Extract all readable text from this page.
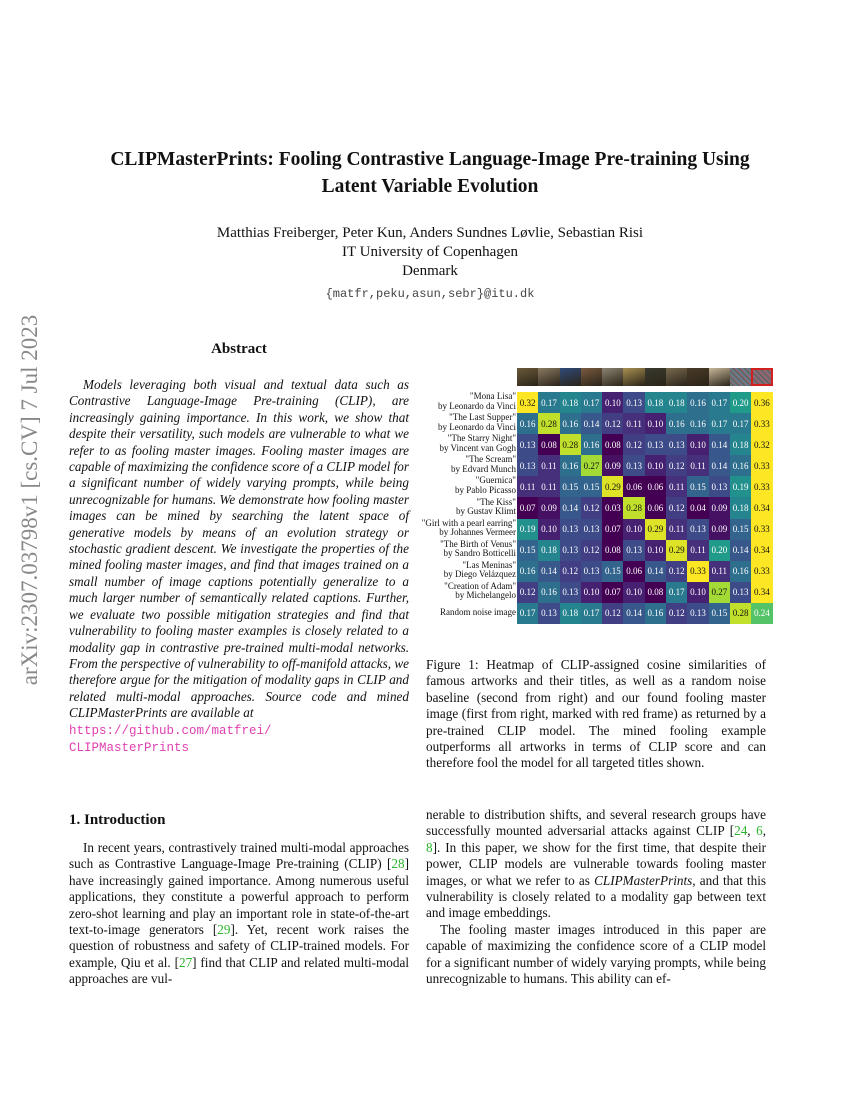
CLIPMasterPrints: Fooling Contrastive Language-Image Pre-training Using
Latent Variable Evolution
Matthias Freiberger, Peter Kun, Anders Sundnes Løvlie, Sebastian Risi
IT University of Copenhagen
Denmark
{matfr,peku,asun,sebr}@itu.dk
arXiv:2307.03798v1 [cs.CV] 7 Jul 2023	Abstract

Models leveraging both visual and textual data such as Contrastive Language-Image Pre-training (CLIP), are increasingly gaining importance. In this work, we show that despite their versatility, such models are vulnerable to what we refer to as fooling master images. Fooling master images are capable of maximizing the confidence score of a CLIP model for a significant number of widely varying prompts, while being unrecognizable for humans. We demonstrate how fooling master images can be mined by searching the latent space of generative models by means of an evolution strategy or stochastic gradient descent. We investigate the properties of the mined fooling master images, and find that images trained on a small number of image captions potentially generalize to a much larger number of semantically related captions. Further, we evaluate two possible mitigation strategies and find that vulnerability to fooling master examples is closely related to a modality gap in contrastive pre-trained multi-modal networks. From the perspective of vulnerability to off-manifold attacks, we therefore argue for the mitigation of modality gaps in CLIP and related multi-modal approaches. Source code and mined CLIPMasterPrints are available at
https://github.com/matfrei/
CLIPMasterPrints

"Mona Lisa"
by Leonardo da Vinci
"The Last Supper"
by Leonardo da Vinci
"The Starry Night"
by Vincent van Gogh
"The Scream"
by Edvard Munch
"Guernica"
by Pablo Picasso
"The Kiss"
by Gustav Klimt
"Girl with a pearl earring"
by Johannes Vermeer
"The Birth of Venus"
by Sandro Botticelli
"Las Meninas"
by Diego Velázquez
"Creation of Adam"
by Michelangelo
Random noise image
0.32 0.17 0.18 0.17 0.10 0.13 0.18 0.18 0.16 0.17 0.20 0.36
0.16 0.28 0.16 0.14 0.12 0.11 0.10 0.16 0.16 0.17 0.17 0.33
0.13 0.08 0.28 0.16 0.08 0.12 0.13 0.13 0.10 0.14 0.18 0.32
0.13 0.11 0.16 0.27 0.09 0.13 0.10 0.12 0.11 0.14 0.16 0.33
0.11 0.11 0.15 0.15 0.29 0.06 0.06 0.11 0.15 0.13 0.19 0.33
0.07 0.09 0.14 0.12 0.03 0.28 0.06 0.12 0.04 0.09 0.18 0.34
0.19 0.10 0.13 0.13 0.07 0.10 0.29 0.11 0.13 0.09 0.15 0.33
0.15 0.18 0.13 0.12 0.08 0.13 0.10 0.29 0.11 0.20 0.14 0.34
0.16 0.14 0.12 0.13 0.15 0.06 0.14 0.12 0.33 0.11 0.16 0.33
0.12 0.16 0.13 0.10 0.07 0.10 0.08 0.17 0.10 0.27 0.13 0.34
0.17 0.13 0.18 0.17 0.12 0.14 0.16 0.12 0.13 0.15 0.28 0.24
Figure 1: Heatmap of CLIP-assigned cosine similarities of famous artworks and their titles, as well as a random noise baseline (second from right) and our found fooling master image (first from right, marked with red frame) as returned by a pre-trained CLIP model. The mined fooling example outperforms all artworks in terms of CLIP score and can therefore fool the model for all targeted titles shown.
1. Introduction

In recent years, contrastively trained multi-modal approaches such as Contrastive Language-Image Pre-training (CLIP) [28] have increasingly gained importance. Among numerous useful applications, they constitute a powerful approach to perform zero-shot learning and play an important role in state-of-the-art text-to-image generators [29]. Yet, recent work raises the question of robustness and safety of CLIP-trained models. For example, Qiu et al. [27] find that CLIP and related multi-modal approaches are vul-

nerable to distribution shifts, and several research groups have successfully mounted adversarial attacks against CLIP [24, 6, 8]. In this paper, we show for the first time, that despite their power, CLIP models are vulnerable towards fooling master images, or what we refer to as CLIPMasterPrints, and that this vulnerability is closely related to a modality gap between text and image embeddings.

The fooling master images introduced in this paper are capable of maximizing the confidence score of a CLIP model for a significant number of widely varying prompts, while being unrecognizable to humans. This ability can ef-
